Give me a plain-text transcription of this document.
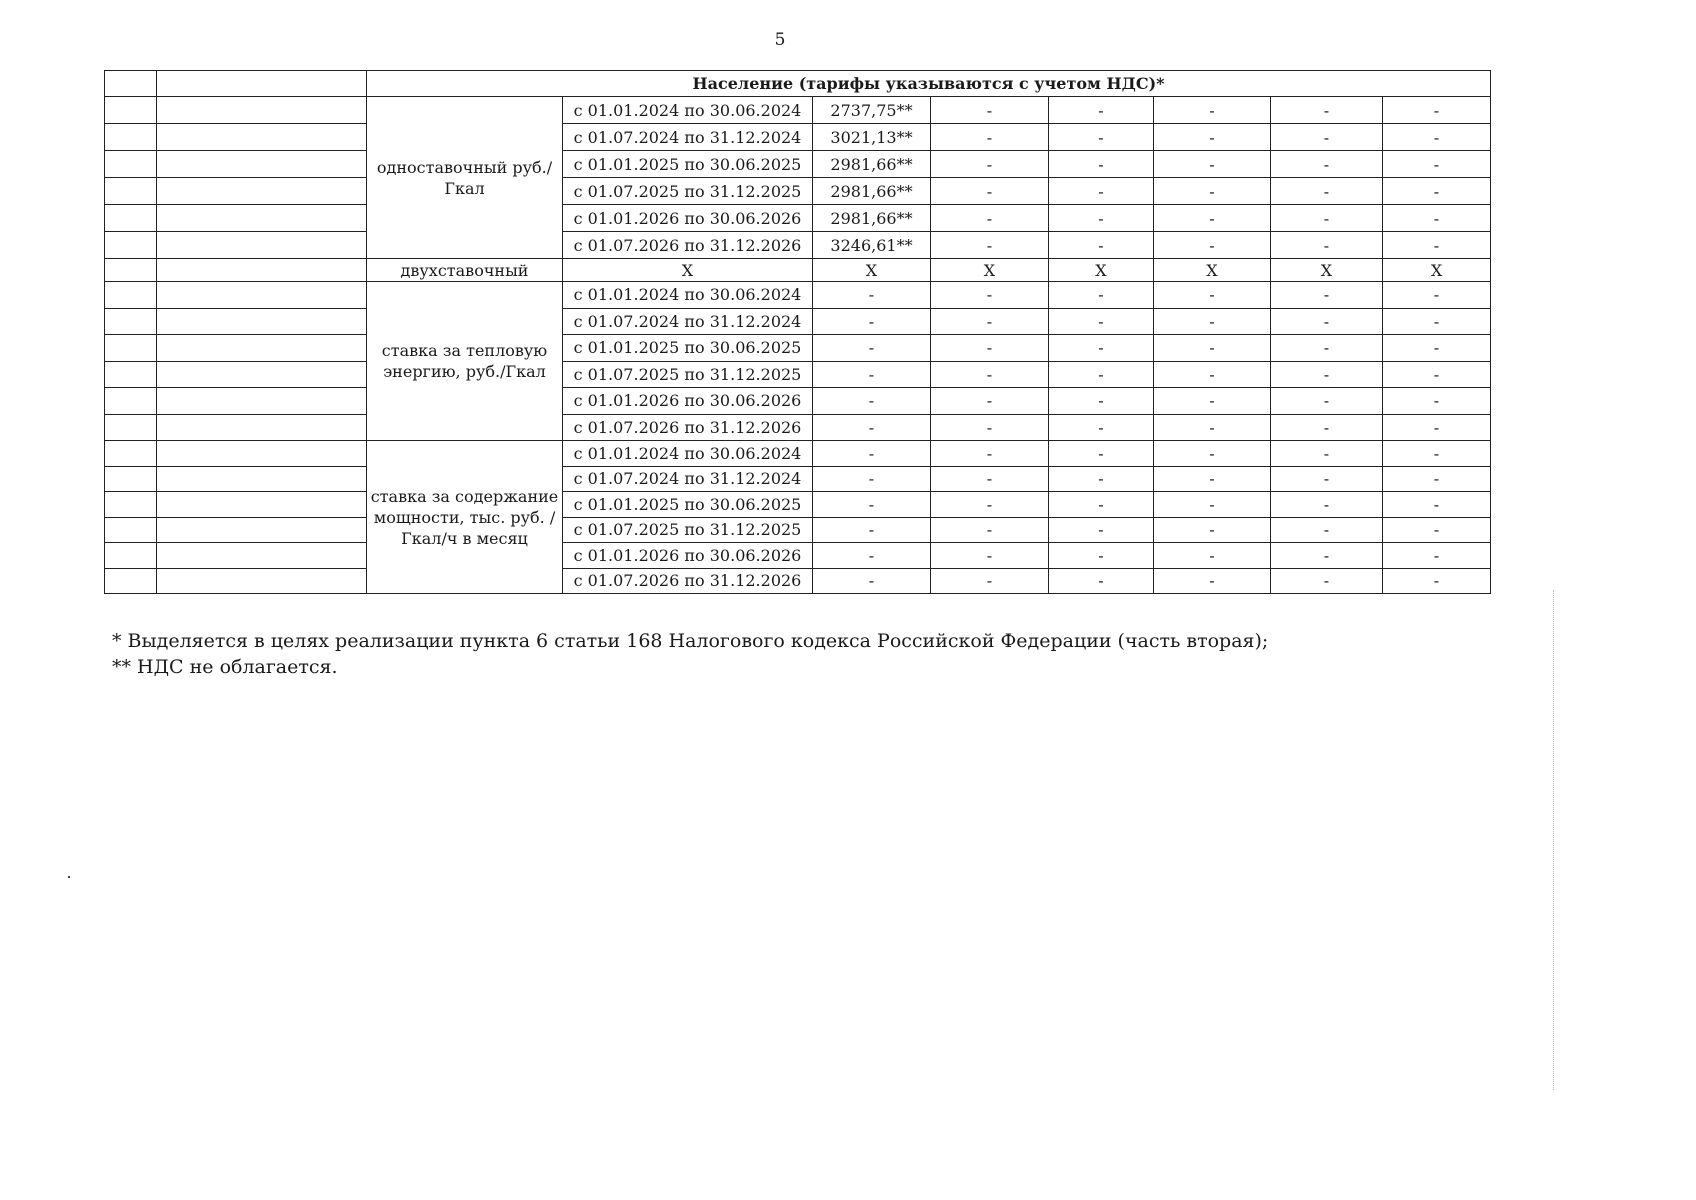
5
		Население (тарифы указываются с учетом НДС)*							
		одноставочный руб./Гкал	с 01.01.2024 по 30.06.2024	2737,75**	-	-	-	-	-
			с 01.07.2024 по 31.12.2024	3021,13**	-	-	-	-	-
			с 01.01.2025 по 30.06.2025	2981,66**	-	-	-	-	-
			с 01.07.2025 по 31.12.2025	2981,66**	-	-	-	-	-
			с 01.01.2026 по 30.06.2026	2981,66**	-	-	-	-	-
			с 01.07.2026 по 31.12.2026	3246,61**	-	-	-	-	-
		двухставочный	X	X	X	X	X	X	X
		ставка за тепловую энергию, руб./Гкал	с 01.01.2024 по 30.06.2024	-	-	-	-	-	-
			с 01.07.2024 по 31.12.2024	-	-	-	-	-	-
			с 01.01.2025 по 30.06.2025	-	-	-	-	-	-
			с 01.07.2025 по 31.12.2025	-	-	-	-	-	-
			с 01.01.2026 по 30.06.2026	-	-	-	-	-	-
			с 01.07.2026 по 31.12.2026	-	-	-	-	-	-
		ставка за содержание мощности, тыс. руб. /Гкал/ч в месяц	с 01.01.2024 по 30.06.2024	-	-	-	-	-	-
			с 01.07.2024 по 31.12.2024	-	-	-	-	-	-
			с 01.01.2025 по 30.06.2025	-	-	-	-	-	-
			с 01.07.2025 по 31.12.2025	-	-	-	-	-	-
			с 01.01.2026 по 30.06.2026	-	-	-	-	-	-
			с 01.07.2026 по 31.12.2026	-	-	-	-	-	-
* Выделяется в целях реализации пункта 6 статьи 168 Налогового кодекса Российской Федерации (часть вторая);
** НДС не облагается.
